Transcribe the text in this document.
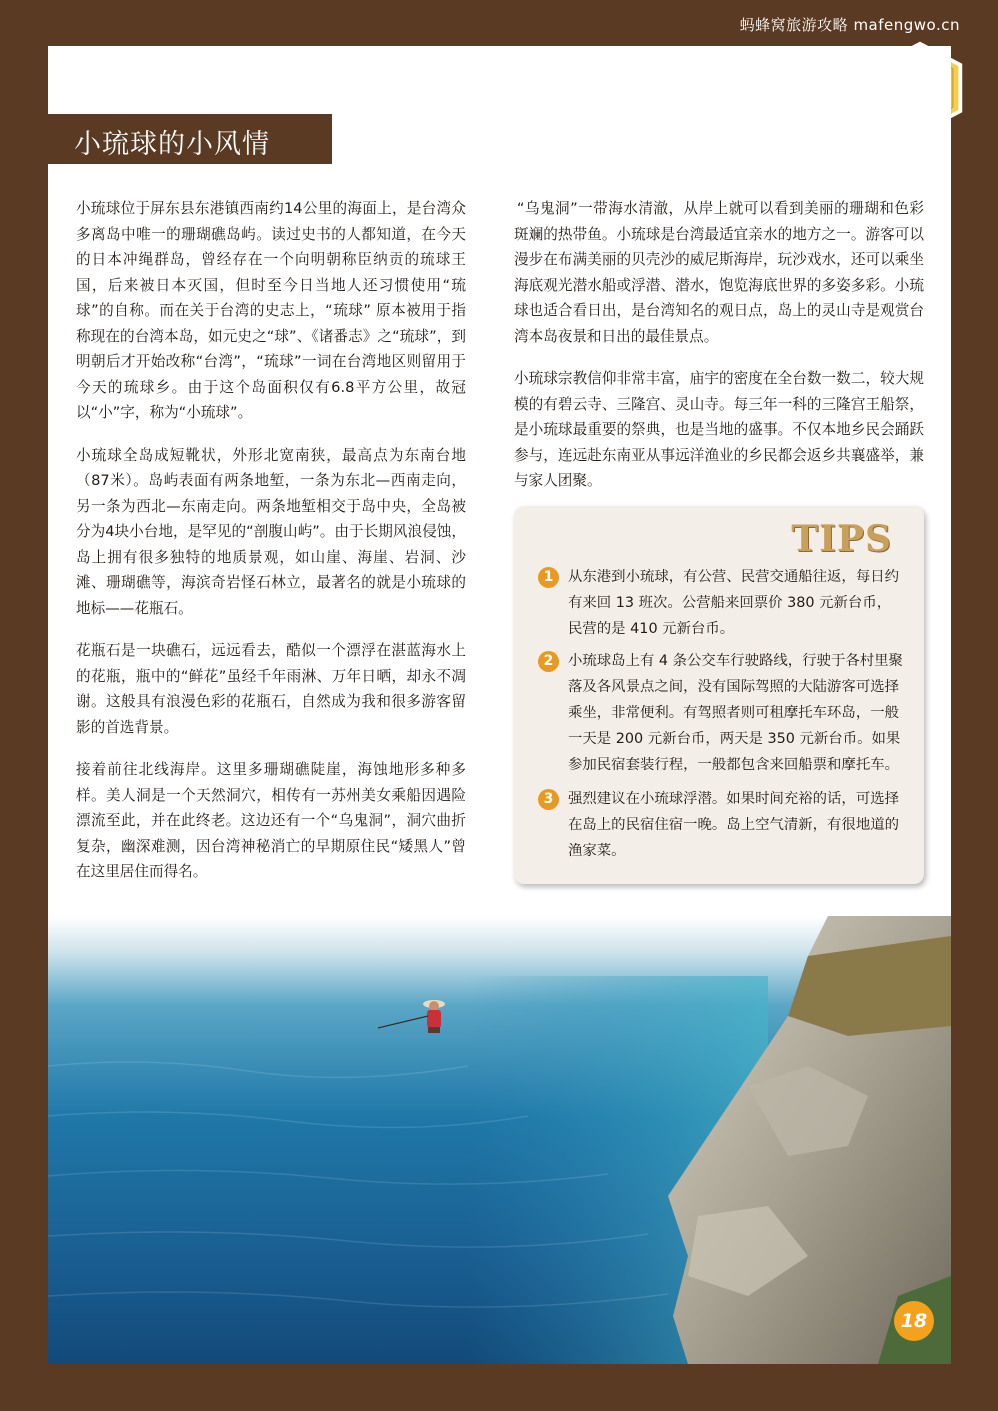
蚂蜂窝旅游攻略 mafengwo.cn
小琉球的小风情

小琉球位于屏东县东港镇西南约14公里的海面上，是台湾众多离岛中唯一的珊瑚礁岛屿。读过史书的人都知道，在今天的日本冲绳群岛，曾经存在一个向明朝称臣纳贡的琉球王国，后来被日本灭国，但时至今日当地人还习惯使用“琉球”的自称。而在关于台湾的史志上，“琉球” 原本被用于指称现在的台湾本岛，如元史之“球”、《诸番志》之“琉球”，到明朝后才开始改称“台湾”，“琉球”一词在台湾地区则留用于今天的琉球乡。由于这个岛面积仅有6.8平方公里，故冠以“小”字，称为“小琉球”。

小琉球全岛成短靴状，外形北宽南狭，最高点为东南台地（87米）。岛屿表面有两条地堑，一条为东北—西南走向，另一条为西北—东南走向。两条地堑相交于岛中央，全岛被分为4块小台地，是罕见的“剖腹山屿”。由于长期风浪侵蚀，岛上拥有很多独特的地质景观，如山崖、海崖、岩洞、沙滩、珊瑚礁等，海滨奇岩怪石林立，最著名的就是小琉球的地标——花瓶石。

花瓶石是一块礁石，远远看去，酷似一个漂浮在湛蓝海水上的花瓶，瓶中的“鲜花”虽经千年雨淋、万年日晒，却永不凋谢。这般具有浪漫色彩的花瓶石，自然成为我和很多游客留影的首选背景。

接着前往北线海岸。这里多珊瑚礁陡崖，海蚀地形多种多样。美人洞是一个天然洞穴，相传有一苏州美女乘船因遇险漂流至此，并在此终老。这边还有一个“乌鬼洞”，洞穴曲折复杂，幽深难测，因台湾神秘消亡的早期原住民“矮黑人”曾在这里居住而得名。

“乌鬼洞”一带海水清澈，从岸上就可以看到美丽的珊瑚和色彩斑斓的热带鱼。小琉球是台湾最适宜亲水的地方之一。游客可以漫步在布满美丽的贝壳沙的威尼斯海岸，玩沙戏水，还可以乘坐海底观光潜水船或浮潜、潜水，饱览海底世界的多姿多彩。小琉球也适合看日出，是台湾知名的观日点，岛上的灵山寺是观赏台湾本岛夜景和日出的最佳景点。

小琉球宗教信仰非常丰富，庙宇的密度在全台数一数二，较大规模的有碧云寺、三隆宫、灵山寺。每三年一科的三隆宫王船祭，是小琉球最重要的祭典，也是当地的盛事。不仅本地乡民会踊跃参与，连远赴东南亚从事远洋渔业的乡民都会返乡共襄盛举，兼与家人团聚。

TIPS
1	从东港到小琉球，有公营、民营交通船往返，每日约有来回 13 班次。公营船来回票价 380 元新台币，民营的是 410 元新台币。
2	小琉球岛上有 4 条公交车行驶路线，行驶于各村里聚落及各风景点之间，没有国际驾照的大陆游客可选择乘坐，非常便利。有驾照者则可租摩托车环岛，一般一天是 200 元新台币，两天是 350 元新台币。如果参加民宿套装行程，一般都包含来回船票和摩托车。
3	强烈建议在小琉球浮潜。如果时间充裕的话，可选择在岛上的民宿住宿一晚。岛上空气清新，有很地道的渔家菜。
18
